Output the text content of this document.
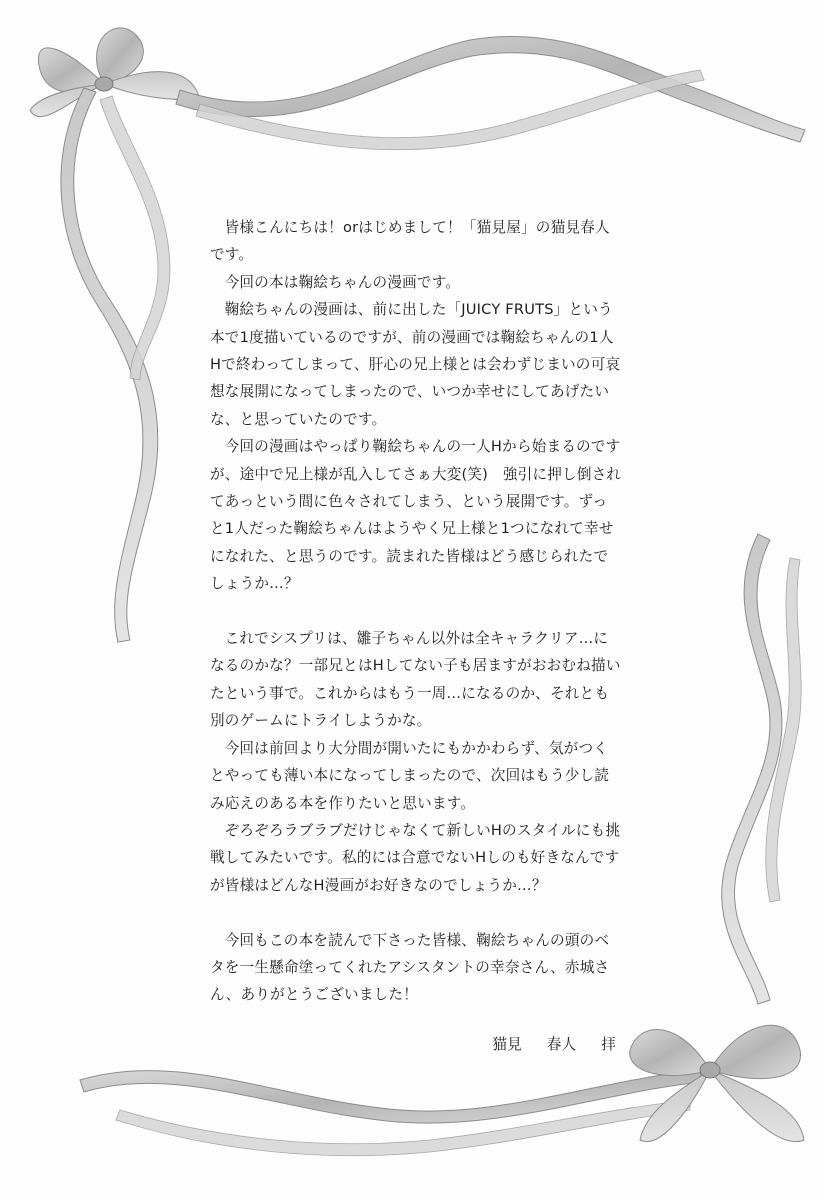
皆様こんにちは！orはじめまして！「猫見屋」の猫見春人です。

今回の本は鞠絵ちゃんの漫画です。

鞠絵ちゃんの漫画は、前に出した「JUICY FRUTS」という本で1度描いているのですが、前の漫画では鞠絵ちゃんの1人Hで終わってしまって、肝心の兄上様とは会わずじまいの可哀想な展開になってしまったので、いつか幸せにしてあげたいな、と思っていたのです。

今回の漫画はやっぱり鞠絵ちゃんの一人Hから始まるのですが、途中で兄上様が乱入してさぁ大変(笑)　強引に押し倒されてあっという間に色々されてしまう、という展開です。ずっと1人だった鞠絵ちゃんはようやく兄上様と1つになれて幸せになれた、と思うのです。読まれた皆様はどう感じられたでしょうか…？

これでシスプリは、雛子ちゃん以外は全キャラクリア…になるのかな？一部兄とはHしてない子も居ますがおおむね描いたという事で。これからはもう一周…になるのか、それとも別のゲームにトライしようかな。

今回は前回より大分間が開いたにもかかわらず、気がつくとやっても薄い本になってしまったので、次回はもう少し読み応えのある本を作りたいと思います。

ぞろぞろラブラブだけじゃなくて新しいHのスタイルにも挑戦してみたいです。私的には合意でないHしのも好きなんですが皆様はどんなH漫画がお好きなのでしょうか…？

今回もこの本を読んで下さった皆様、鞠絵ちゃんの頭のベタを一生懸命塗ってくれたアシスタントの幸奈さん、赤城さん、ありがとうございました！

猫見 春人 拝
